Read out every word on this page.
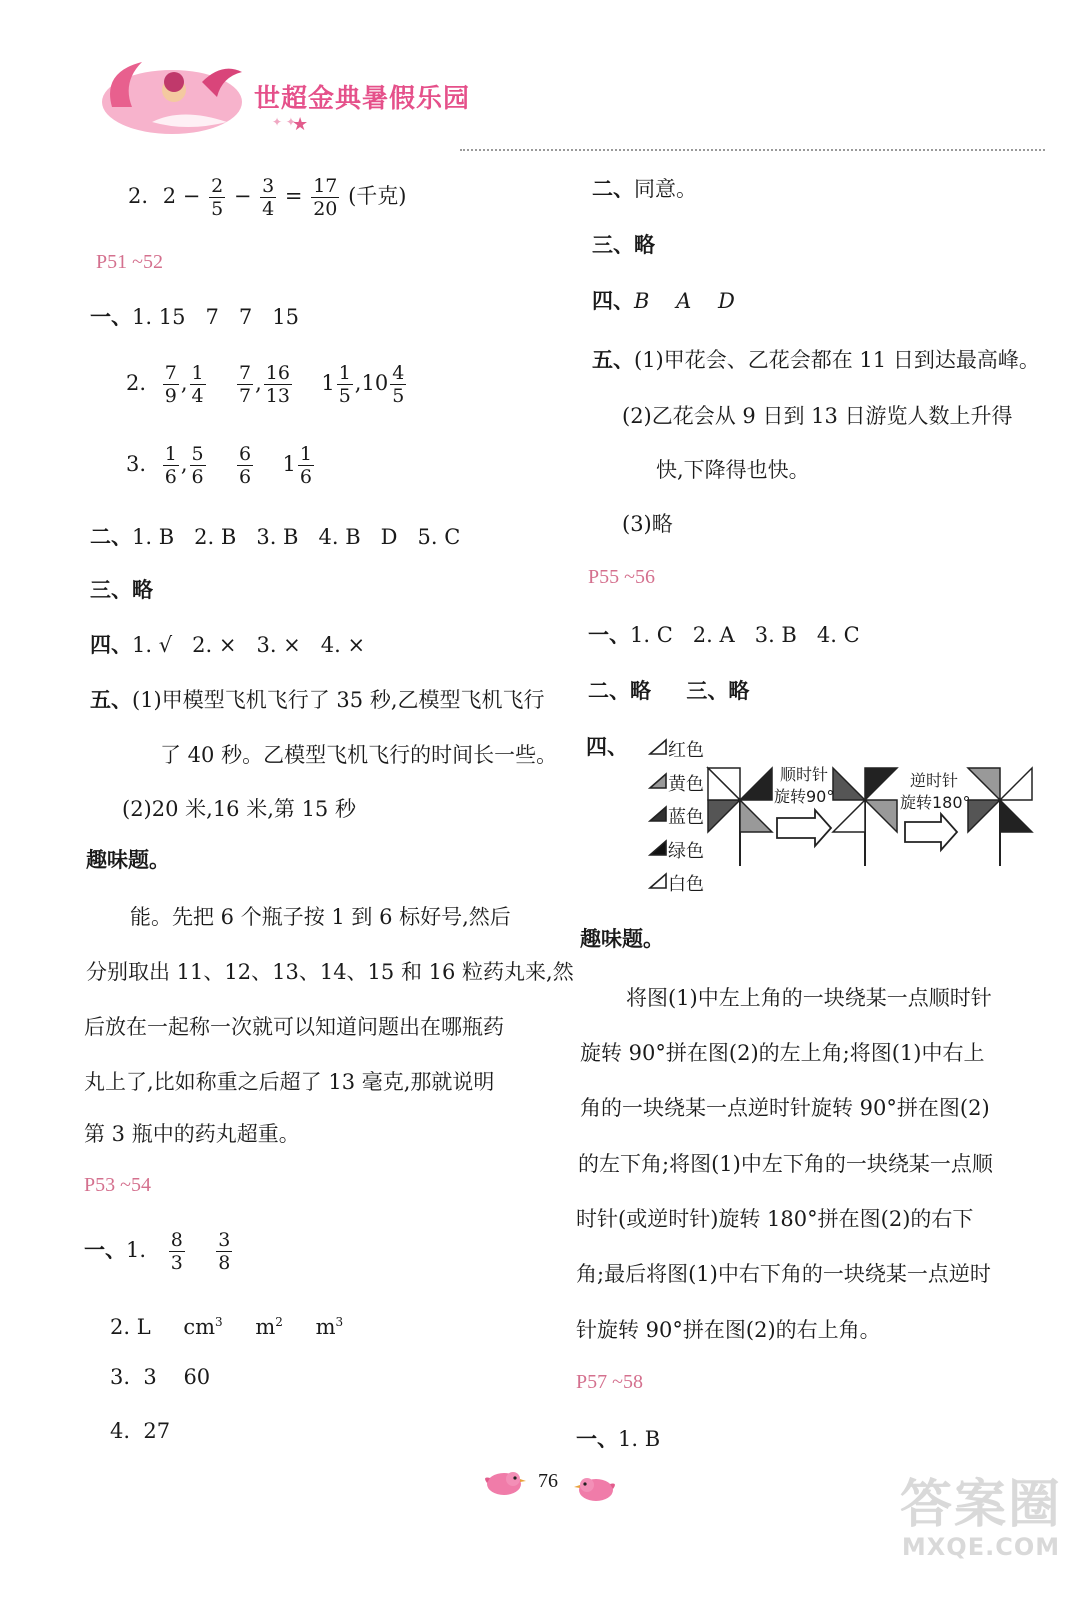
★
✦ ✦
世超金典暑假乐园
2. $2 - \frac{2}{5} - \frac{3}{4} = \frac{17}{20}$ (千克)
P51 ~52
一、1. 15   7   7   15
2. $\frac{7}{9}$ , $\frac{1}{4}$
$\frac{7}{7}$ , $\frac{16}{13} 1 \frac{1}{5} ,10 \frac{4}{5}$
3. $\frac{1}{6}$ , $\frac{5}{6}$
$\frac{6}{6} 1 \frac{1}{6}$
二、1. B   2. B   3. B   4. B   D   5. C
三、略
四、1. √   2. ×   3. ×   4. ×
五、(1)甲模型飞机飞行了 35 秒,乙模型飞机飞行
了 40 秒。乙模型飞机飞行的时间长一些。
(2)20 米,16 米,第 15 秒
趣味题。
能。先把 6 个瓶子按 1 到 6 标好号,然后
分别取出 11、12、13、14、15 和 16 粒药丸来,然
后放在一起称一次就可以知道问题出在哪瓶药
丸上了,比如称重之后超了 13 毫克,那就说明
第 3 瓶中的药丸超重。
P53 ~54
一、1. $\frac{8}{3}$
$\frac{3}{8}$
2. L $cm^3$ $m^2$ $m^3$
3.  3    60
4.  27
二、同意。
三、略
四、B    A    D
五、(1)甲花会、乙花会都在 11 日到达最高峰。
(2)乙花会从 9 日到 13 日游览人数上升得
快,下降得也快。
(3)略
P55 ~56
一、1. C   2. A   3. B   4. C
二、略 三、略
四、	红色
黄色
蓝色
绿色
白色
顺时针
旋转90°
逆时针
旋转180°
趣味题。
将图(1)中左上角的一块绕某一点顺时针
旋转 90°拼在图(2)的左上角;将图(1)中右上
角的一块绕某一点逆时针旋转 90°拼在图(2)
的左下角;将图(1)中左下角的一块绕某一点顺
时针(或逆时针)旋转 180°拼在图(2)的右下
角;最后将图(1)中右下角的一块绕某一点逆时
针旋转 90°拼在图(2)的右上角。
P57 ~58
一、1. B
76	答案圈
MXQE.COM
